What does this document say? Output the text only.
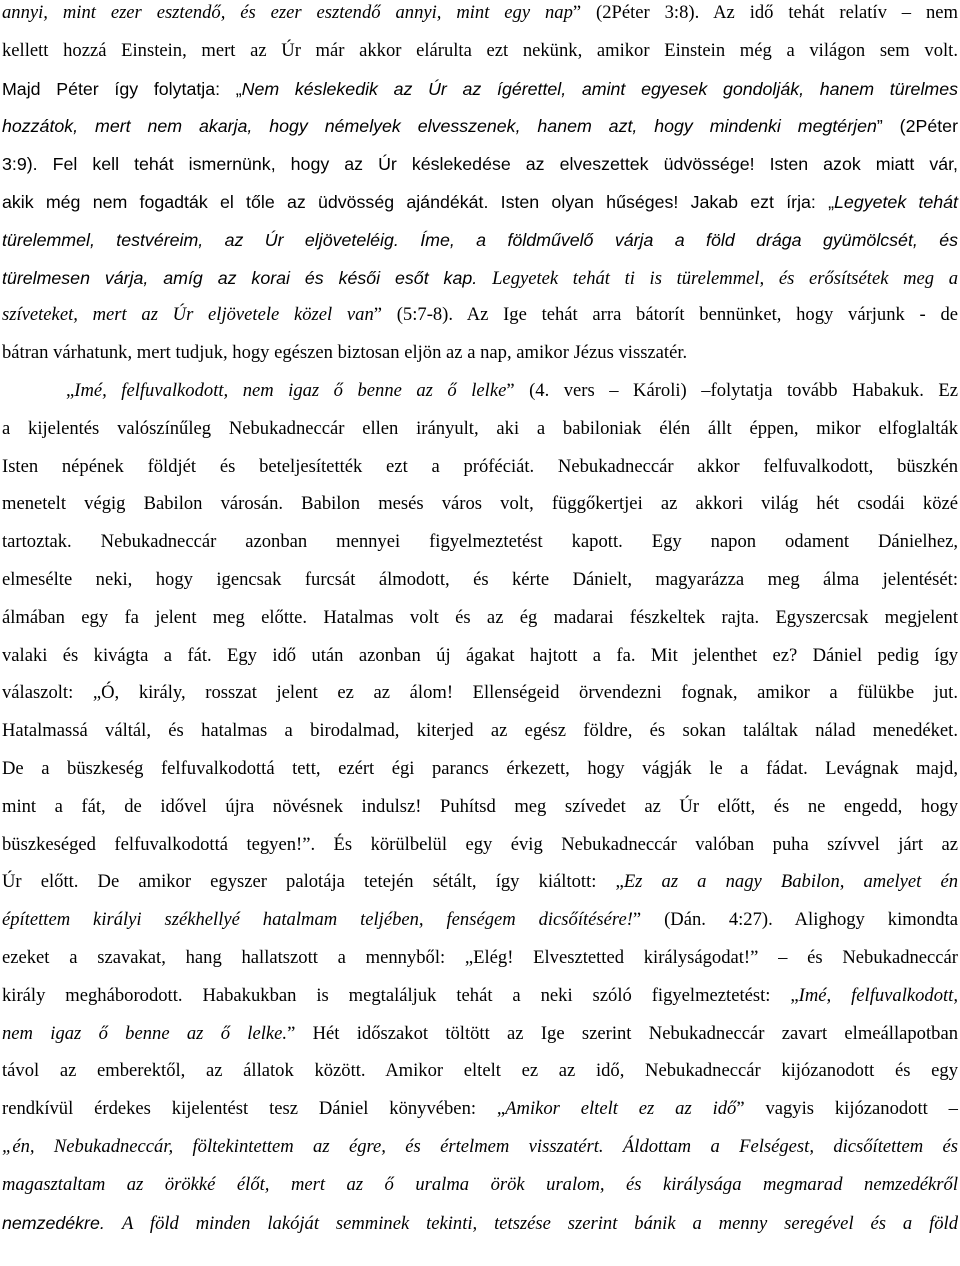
annyi, mint ezer esztendő, és ezer esztendő annyi, mint egy nap” (2Péter 3:8). Az idő tehát relatív – nem
kellett hozzá Einstein, mert az Úr már akkor elárulta ezt nekünk, amikor Einstein még a világon sem volt.
Majd Péter így folytatja: „Nem késlekedik az Úr az ígérettel, amint egyesek gondolják, hanem türelmes
hozzátok, mert nem akarja, hogy némelyek elvesszenek, hanem azt, hogy mindenki megtérjen” (2Péter
3:9). Fel kell tehát ismernünk, hogy az Úr késlekedése az elveszettek üdvössége! Isten azok miatt vár,
akik még nem fogadták el tőle az üdvösség ajándékát. Isten olyan hűséges! Jakab ezt írja: „Legyetek tehát
türelemmel, testvéreim, az Úr eljöveteléig. Íme, a földművelő várja a föld drága gyümölcsét, és
türelmesen várja, amíg az korai és késői esőt kap. Legyetek tehát ti is türelemmel, és erősítsétek meg a
szíveteket, mert az Úr eljövetele közel van” (5:7-8). Az Ige tehát arra bátorít bennünket, hogy várjunk - de
bátran várhatunk, mert tudjuk, hogy egészen biztosan eljön az a nap, amikor Jézus visszatér.
„Imé, felfuvalkodott, nem igaz ő benne az ő lelke” (4. vers – Károli) –folytatja tovább Habakuk. Ez
a kijelentés valószínűleg Nebukadneccár ellen irányult, aki a babiloniak élén állt éppen, mikor elfoglalták
Isten népének földjét és beteljesítették ezt a próféciát. Nebukadneccár akkor felfuvalkodott, büszkén
menetelt végig Babilon városán. Babilon mesés város volt, függőkertjei az akkori világ hét csodái közé
tartoztak. Nebukadneccár azonban mennyei figyelmeztetést kapott. Egy napon odament Dánielhez,
elmesélte neki, hogy igencsak furcsát álmodott, és kérte Dánielt, magyarázza meg álma jelentését:
álmában egy fa jelent meg előtte. Hatalmas volt és az ég madarai fészkeltek rajta. Egyszercsak megjelent
valaki és kivágta a fát. Egy idő után azonban új ágakat hajtott a fa. Mit jelenthet ez? Dániel pedig így
válaszolt: „Ó, király, rosszat jelent ez az álom! Ellenségeid örvendezni fognak, amikor a fülükbe jut.
Hatalmassá váltál, és hatalmas a birodalmad, kiterjed az egész földre, és sokan találtak nálad menedéket.
De a büszkeség felfuvalkodottá tett, ezért égi parancs érkezett, hogy vágják le a fádat. Levágnak majd,
mint a fát, de idővel újra növésnek indulsz! Puhítsd meg szívedet az Úr előtt, és ne engedd, hogy
büszkeséged felfuvalkodottá tegyen!”. És körülbelül egy évig Nebukadneccár valóban puha szívvel járt az
Úr előtt. De amikor egyszer palotája tetején sétált, így kiáltott: „Ez az a nagy Babilon, amelyet én
építettem királyi székhellyé hatalmam teljében, fenségem dicsőítésére!” (Dán. 4:27). Alighogy kimondta
ezeket a szavakat, hang hallatszott a mennyből: „Elég! Elvesztetted királyságodat!” – és Nebukadneccár
király megháborodott. Habakukban is megtaláljuk tehát a neki szóló figyelmeztetést: „Imé, felfuvalkodott,
nem igaz ő benne az ő lelke.” Hét időszakot töltött az Ige szerint Nebukadneccár zavart elmeállapotban
távol az emberektől, az állatok között. Amikor eltelt ez az idő, Nebukadneccár kijózanodott és egy
rendkívül érdekes kijelentést tesz Dániel könyvében: „Amikor eltelt ez az idő” vagyis kijózanodott –
„én, Nebukadneccár, föltekintettem az égre, és értelmem visszatért. Áldottam a Felségest, dicsőítettem és
magasztaltam az örökké élőt, mert az ő uralma örök uralom, és királysága megmarad nemzedékről
nemzedékre. A föld minden lakóját semminek tekinti, tetszése szerint bánik a menny seregével és a föld
